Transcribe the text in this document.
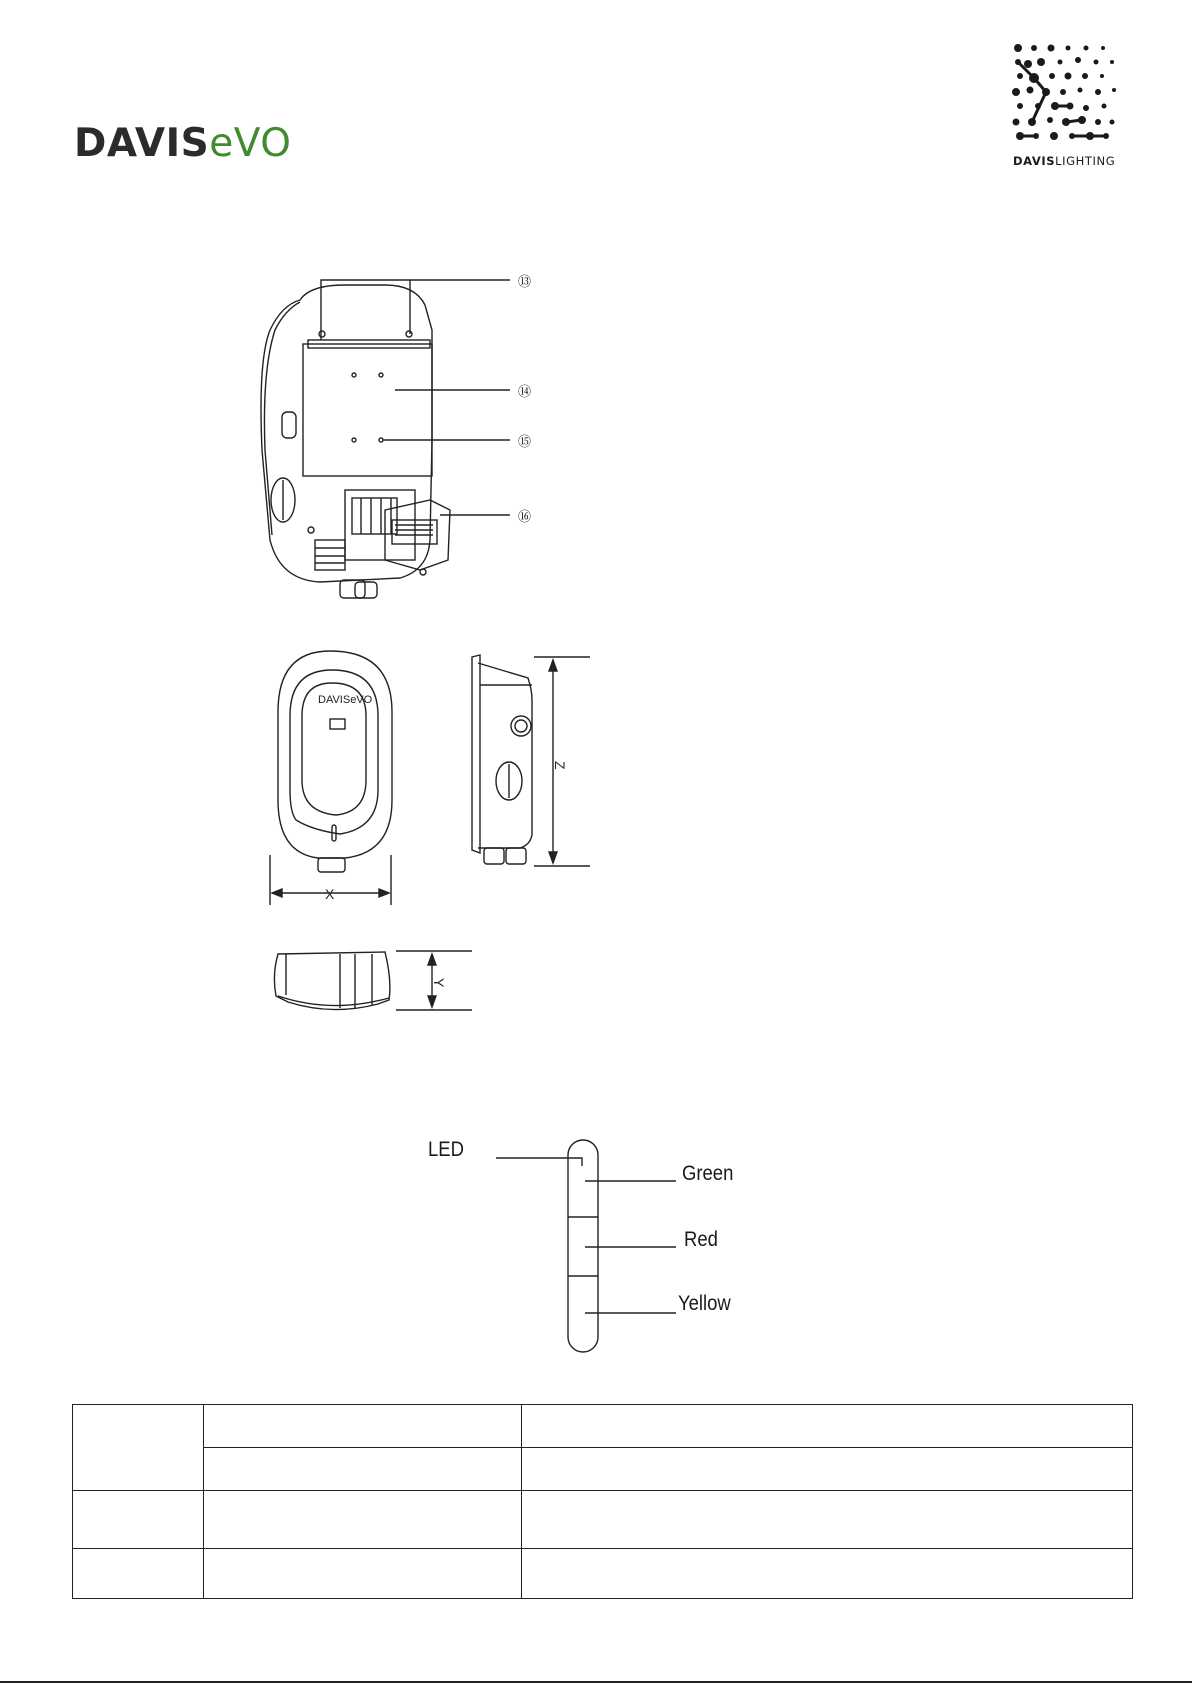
DAVISeVO	DAVISLIGHTING
⑬
⑭
⑮
⑯
DAVISeVO
X
Y
Z
LED
Green
Red
Yellow
